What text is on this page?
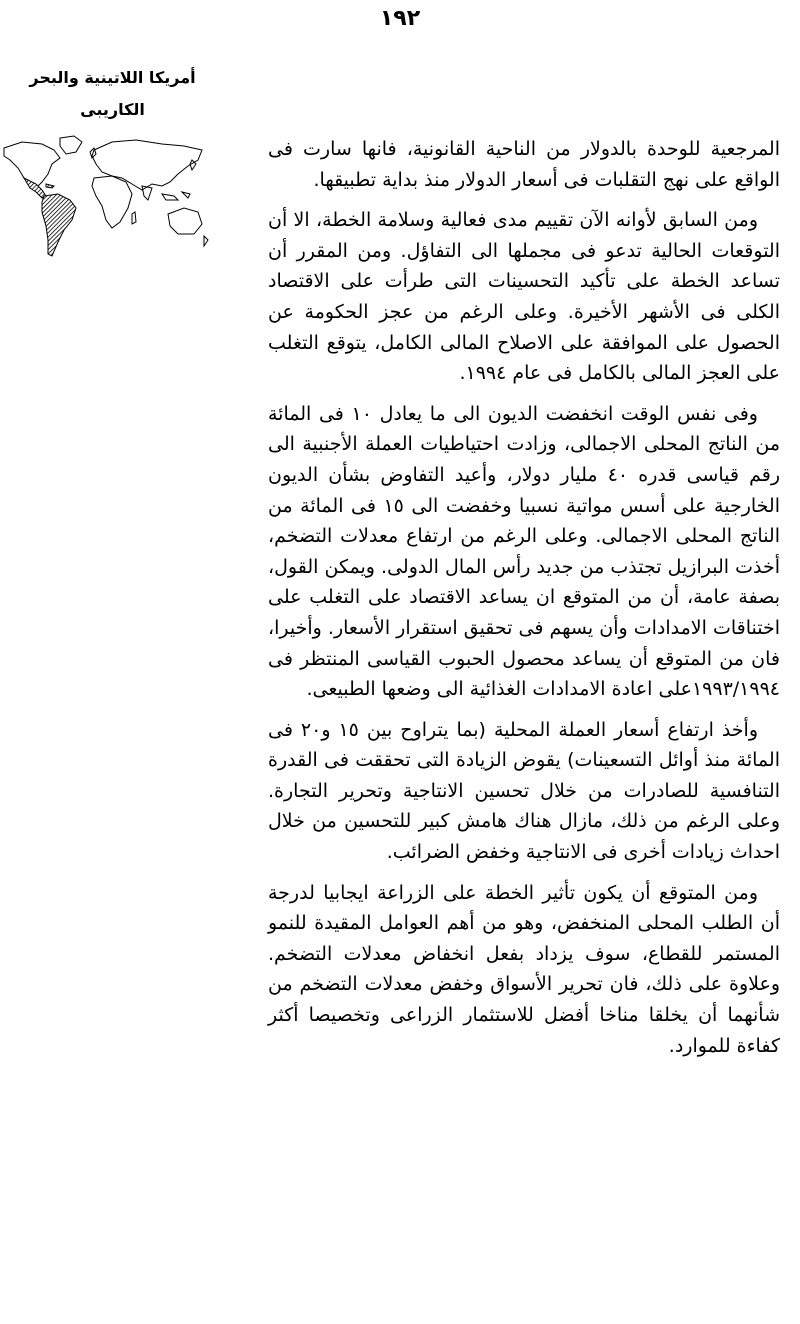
١٩٢
أمريكا اللاتينية والبحر
الكاريبى

المرجعية للوحدة بالدولار من الناحية القانونية، فانها سارت فى الواقع على نهج التقلبات فى أسعار الدولار منذ بداية تطبيقها.

ومن السابق لأوانه الآن تقييم مدى فعالية وسلامة الخطة، الا أن التوقعات الحالية تدعو فى مجملها الى التفاؤل. ومن المقرر أن تساعد الخطة على تأكيد التحسينات التى طرأت على الاقتصاد الكلى فى الأشهر الأخيرة. وعلى الرغم من عجز الحكومة عن الحصول على الموافقة على الاصلاح المالى الكامل، يتوقع التغلب على العجز المالى بالكامل فى عام ١٩٩٤.

وفى نفس الوقت انخفضت الديون الى ما يعادل ١٠ فى المائة من الناتج المحلى الاجمالى، وزادت احتياطيات العملة الأجنبية الى رقم قياسى قدره ٤٠ مليار دولار، وأعيد التفاوض بشأن الديون الخارجية على أسس مواتية نسبيا وخفضت الى ١٥ فى المائة من الناتج المحلى الاجمالى. وعلى الرغم من ارتفاع معدلات التضخم، أخذت البرازيل تجتذب من جديد رأس المال الدولى. ويمكن القول، بصفة عامة، أن من المتوقع ان يساعد الاقتصاد على التغلب على اختناقات الامدادات وأن يسهم فى تحقيق استقرار الأسعار. وأخيرا، فان من المتوقع أن يساعد محصول الحبوب القياسى المنتظر فى ١٩٩٣/١٩٩٤على اعادة الامدادات الغذائية الى وضعها الطبيعى.

وأخذ ارتفاع أسعار العملة المحلية (بما يتراوح بين ١٥ و٢٠ فى المائة منذ أوائل التسعينات) يقوض الزيادة التى تحققت فى القدرة التنافسية للصادرات من خلال تحسين الانتاجية وتحرير التجارة. وعلى الرغم من ذلك، مازال هناك هامش كبير للتحسين من خلال احداث زيادات أخرى فى الانتاجية وخفض الضرائب.

ومن المتوقع أن يكون تأثير الخطة على الزراعة ايجابيا لدرجة أن الطلب المحلى المنخفض، وهو من أهم العوامل المقيدة للنمو المستمر للقطاع، سوف يزداد بفعل انخفاض معدلات التضخم. وعلاوة على ذلك، فان تحرير الأسواق وخفض معدلات التضخم من شأنهما أن يخلقا مناخا أفضل للاستثمار الزراعى وتخصيصا أكثر كفاءة للموارد.
